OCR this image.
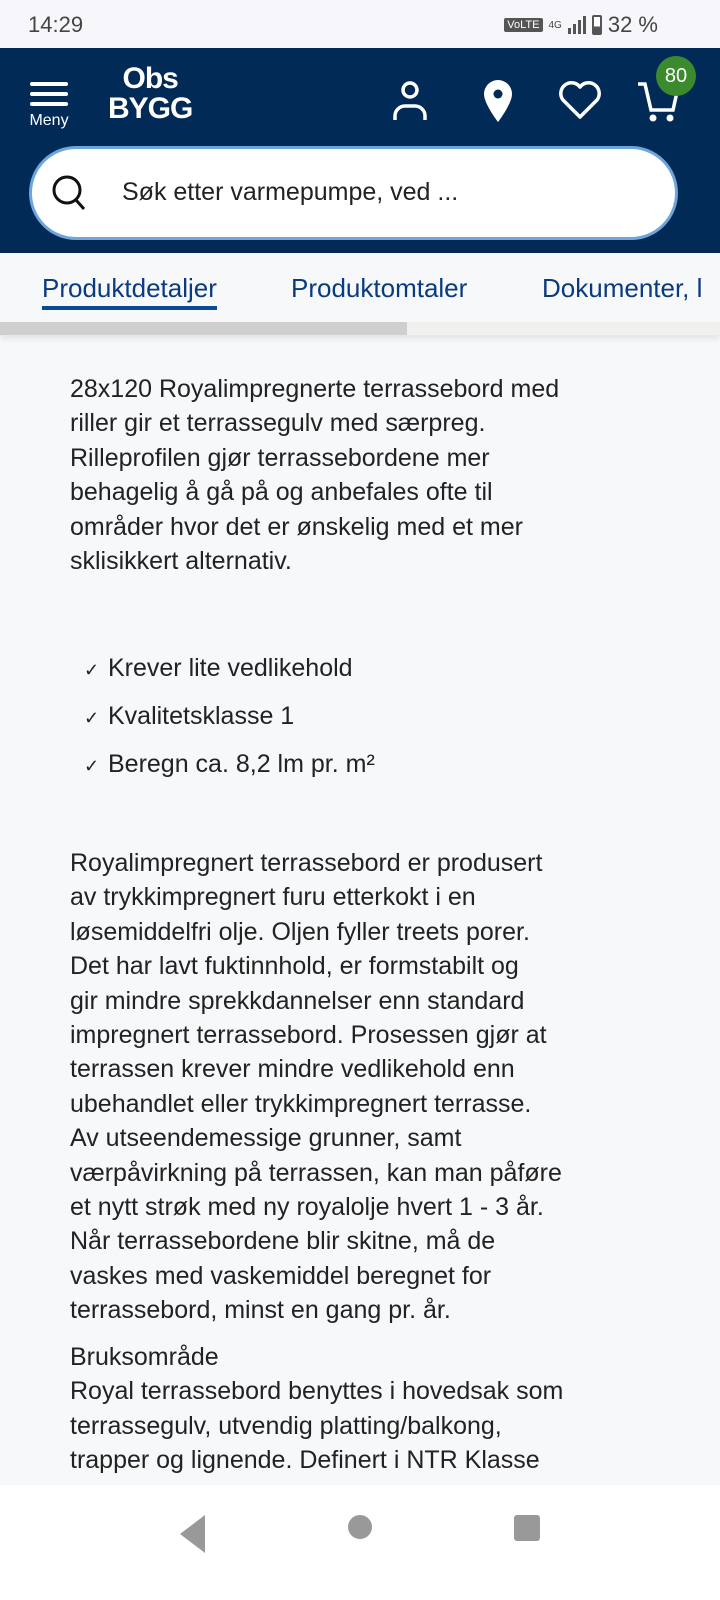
14:29	VoLTE 4G 32 %
Meny
Obs
BYGG
80
Søk etter varmepumpe, ved ...
Produktdetaljer	Produktomtaler	Dokumenter, l
28x120 Royalimpregnerte terrassebord med
riller gir et terrassegulv med særpreg.
Rilleprofilen gjør terrassebordene mer
behagelig å gå på og anbefales ofte til
områder hvor det er ønskelig med et mer
sklisikkert alternativ.
✓ Krever lite vedlikehold
✓ Kvalitetsklasse 1
✓ Beregn ca. 8,2 lm pr. m²
Royalimpregnert terrassebord er produsert
av trykkimpregnert furu etterkokt i en
løsemiddelfri olje. Oljen fyller treets porer.
Det har lavt fuktinnhold, er formstabilt og
gir mindre sprekkdannelser enn standard
impregnert terrassebord. Prosessen gjør at
terrassen krever mindre vedlikehold enn
ubehandlet eller trykkimpregnert terrasse.
Av utseendemessige grunner, samt
værpåvirkning på terrassen, kan man påføre
et nytt strøk med ny royalolje hvert 1 - 3 år.
Når terrassebordene blir skitne, må de
vaskes med vaskemiddel beregnet for
terrassebord, minst en gang pr. år.
Bruksområde
Royal terrassebord benyttes i hovedsak som
terrassegulv, utvendig platting/balkong,
trapper og lignende. Definert i NTR Klasse
